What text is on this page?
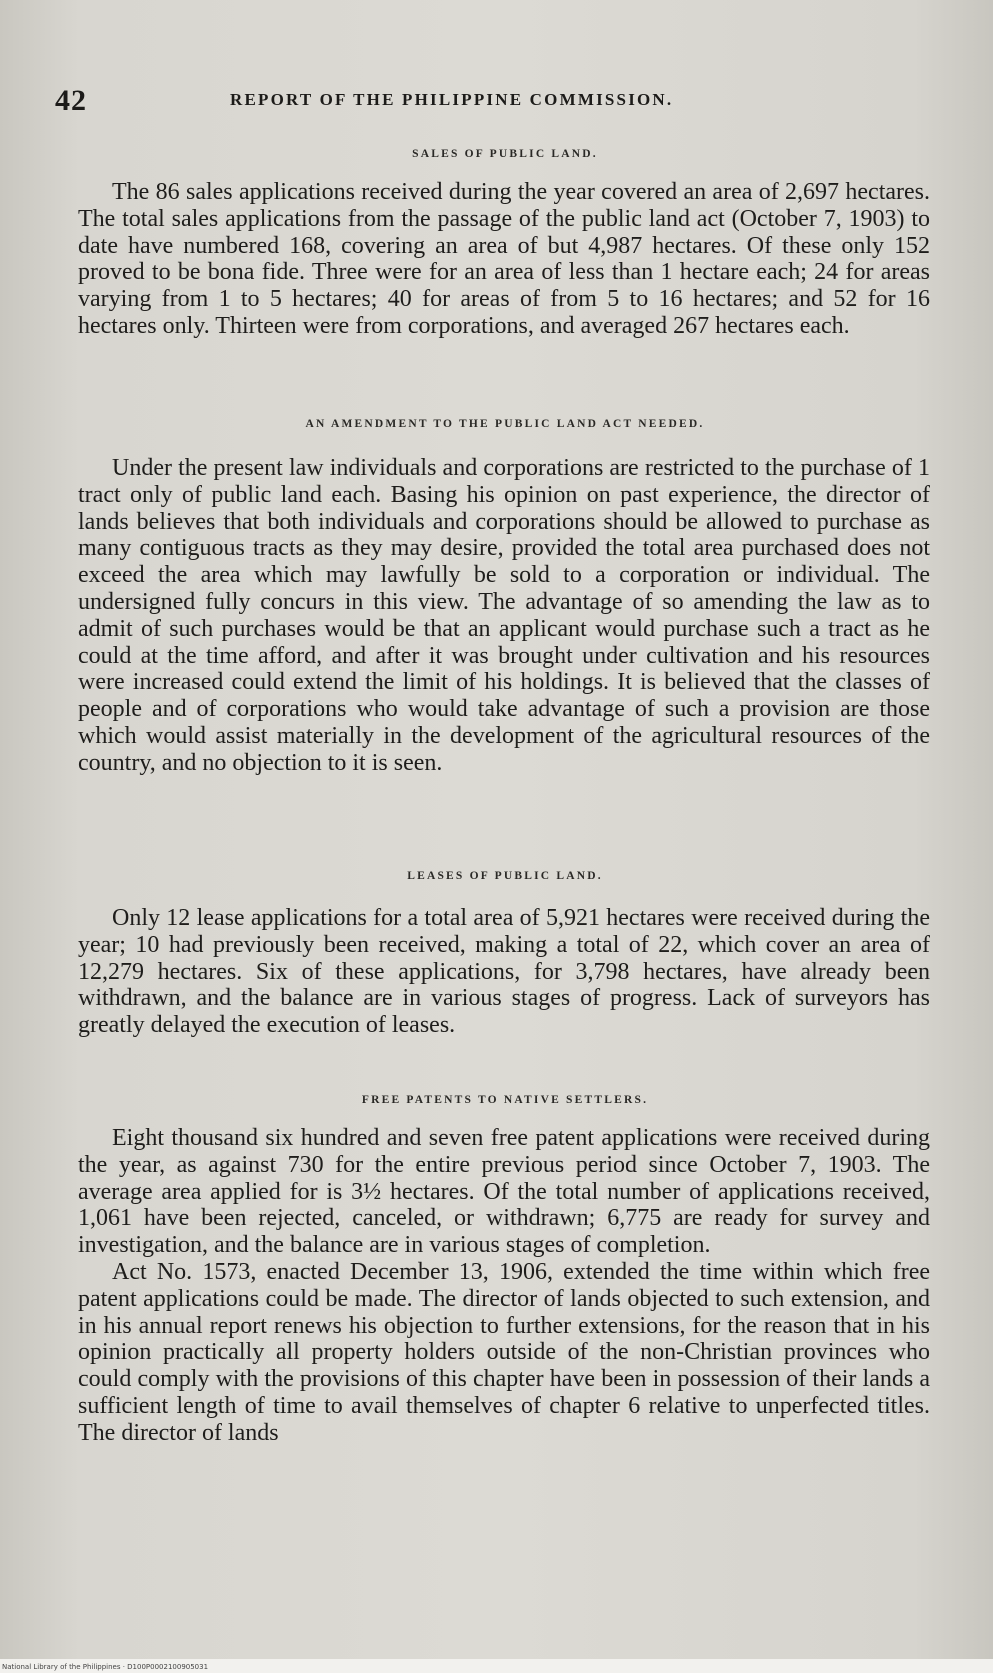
42	REPORT OF THE PHILIPPINE COMMISSION.
SALES OF PUBLIC LAND.

The 86 sales applications received during the year covered an area of 2,697 hectares. The total sales applications from the passage of the public land act (October 7, 1903) to date have numbered 168, covering an area of but 4,987 hectares. Of these only 152 proved to be bona fide. Three were for an area of less than 1 hectare each; 24 for areas varying from 1 to 5 hectares; 40 for areas of from 5 to 16 hectares; and 52 for 16 hectares only. Thirteen were from corporations, and averaged 267 hectares each.

AN AMENDMENT TO THE PUBLIC LAND ACT NEEDED.

Under the present law individuals and corporations are restricted to the purchase of 1 tract only of public land each. Basing his opinion on past experience, the director of lands believes that both individuals and corporations should be allowed to purchase as many contiguous tracts as they may desire, provided the total area purchased does not exceed the area which may lawfully be sold to a corporation or individual. The undersigned fully concurs in this view. The advantage of so amending the law as to admit of such purchases would be that an applicant would purchase such a tract as he could at the time afford, and after it was brought under cultivation and his resources were increased could extend the limit of his holdings. It is believed that the classes of people and of corporations who would take advantage of such a provision are those which would assist materially in the development of the agricultural resources of the country, and no objection to it is seen.

LEASES OF PUBLIC LAND.

Only 12 lease applications for a total area of 5,921 hectares were received during the year; 10 had previously been received, making a total of 22, which cover an area of 12,279 hectares. Six of these applications, for 3,798 hectares, have already been withdrawn, and the balance are in various stages of progress. Lack of surveyors has greatly delayed the execution of leases.

FREE PATENTS TO NATIVE SETTLERS.

Eight thousand six hundred and seven free patent applications were received during the year, as against 730 for the entire previous period since October 7, 1903. The average area applied for is 3½ hectares. Of the total number of applications received, 1,061 have been rejected, canceled, or withdrawn; 6,775 are ready for survey and investigation, and the balance are in various stages of completion.

Act No. 1573, enacted December 13, 1906, extended the time within which free patent applications could be made. The director of lands objected to such extension, and in his annual report renews his objection to further extensions, for the reason that in his opinion practically all property holders outside of the non-Christian provinces who could comply with the provisions of this chapter have been in possession of their lands a sufficient length of time to avail themselves of chapter 6 relative to unperfected titles. The director of lands

National Library of the Philippines · D100P0002100905031
